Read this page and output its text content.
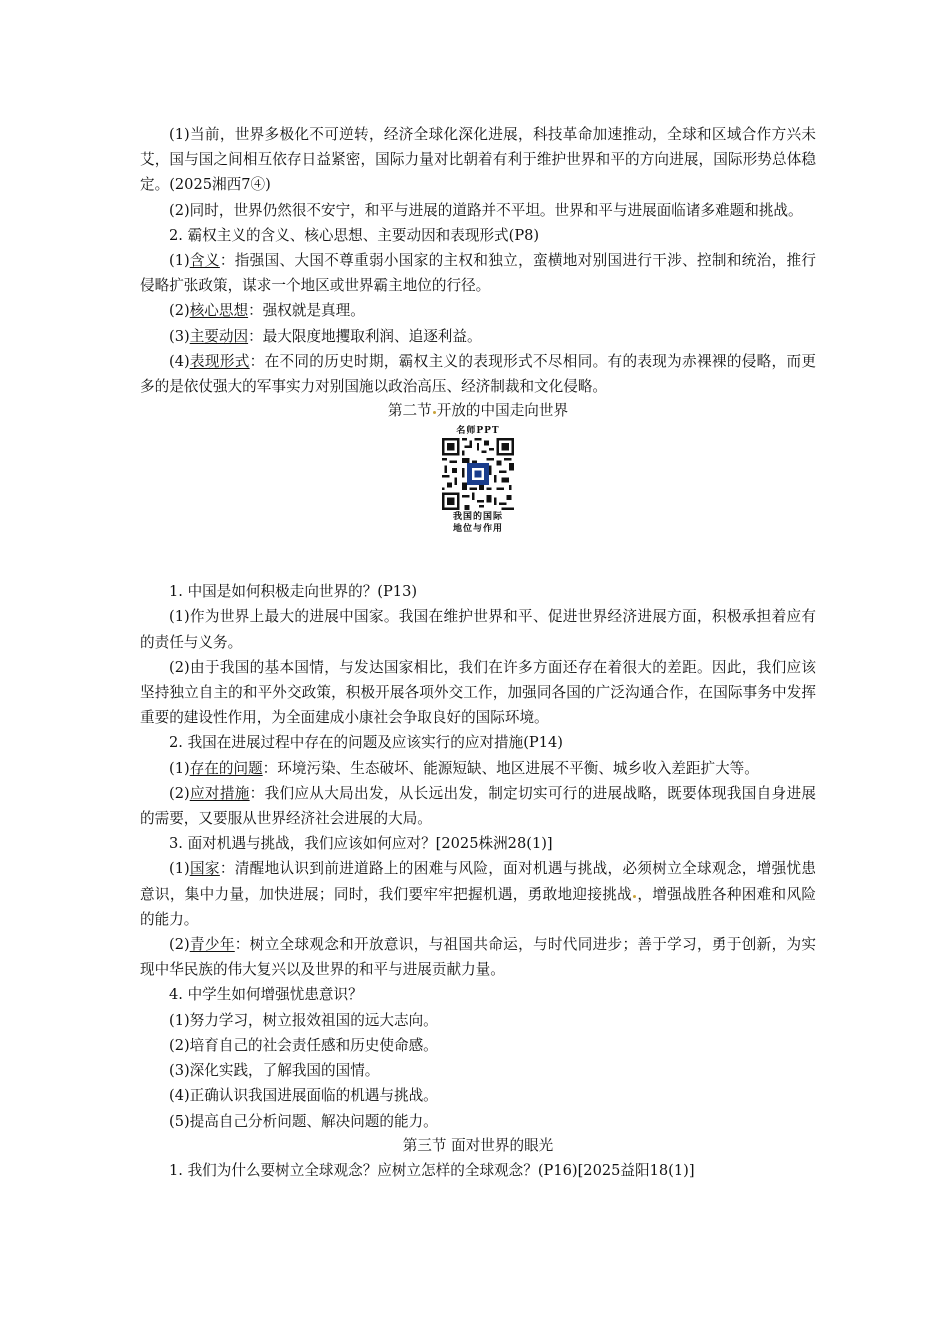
(1)当前，世界多极化不可逆转，经济全球化深化进展，科技革命加速推动，全球和区域合作方兴未艾，国与国之间相互依存日益紧密，国际力量对比朝着有利于维护世界和平的方向进展，国际形势总体稳定。(2025湘西7④)

(2)同时，世界仍然很不安宁，和平与进展的道路并不平坦。世界和平与进展面临诸多难题和挑战。

2. 霸权主义的含义、核心思想、主要动因和表现形式(P8)

(1)含义：指强国、大国不尊重弱小国家的主权和独立，蛮横地对别国进行干涉、控制和统治，推行侵略扩张政策，谋求一个地区或世界霸主地位的行径。

(2)核心思想：强权就是真理。

(3)主要动因：最大限度地攫取利润、追逐利益。

(4)表现形式：在不同的历史时期，霸权主义的表现形式不尽相同。有的表现为赤裸裸的侵略，而更多的是依仗强大的军事实力对别国施以政治高压、经济制裁和文化侵略。

第二节 开放的中国走向世界

名师PPT
我国的国际
地位与作用

1. 中国是如何积极走向世界的？(P13)

(1)作为世界上最大的进展中国家。我国在维护世界和平、促进世界经济进展方面，积极承担着应有的责任与义务。

(2)由于我国的基本国情，与发达国家相比，我们在许多方面还存在着很大的差距。因此，我们应该坚持独立自主的和平外交政策，积极开展各项外交工作，加强同各国的广泛沟通合作，在国际事务中发挥重要的建设性作用，为全面建成小康社会争取良好的国际环境。

2. 我国在进展过程中存在的问题及应该实行的应对措施(P14)

(1)存在的问题：环境污染、生态破坏、能源短缺、地区进展不平衡、城乡收入差距扩大等。

(2)应对措施：我们应从大局出发，从长远出发，制定切实可行的进展战略，既要体现我国自身进展的需要，又要服从世界经济社会进展的大局。

3. 面对机遇与挑战，我们应该如何应对？[2025株洲28(1)]

(1)国家：清醒地认识到前进道路上的困难与风险，面对机遇与挑战，必须树立全球观念，增强忧患意识，集中力量，加快进展；同时，我们要牢牢把握机遇，勇敢地迎接挑战 ，增强战胜各种困难和风险的能力。

(2)青少年：树立全球观念和开放意识，与祖国共命运，与时代同进步；善于学习，勇于创新，为实现中华民族的伟大复兴以及世界的和平与进展贡献力量。

4. 中学生如何增强忧患意识？

(1)努力学习，树立报效祖国的远大志向。

(2)培育自己的社会责任感和历史使命感。

(3)深化实践，了解我国的国情。

(4)正确认识我国进展面临的机遇与挑战。

(5)提高自己分析问题、解决问题的能力。

第三节 面对世界的眼光

1. 我们为什么要树立全球观念？应树立怎样的全球观念？(P16)[2025益阳18(1)]
